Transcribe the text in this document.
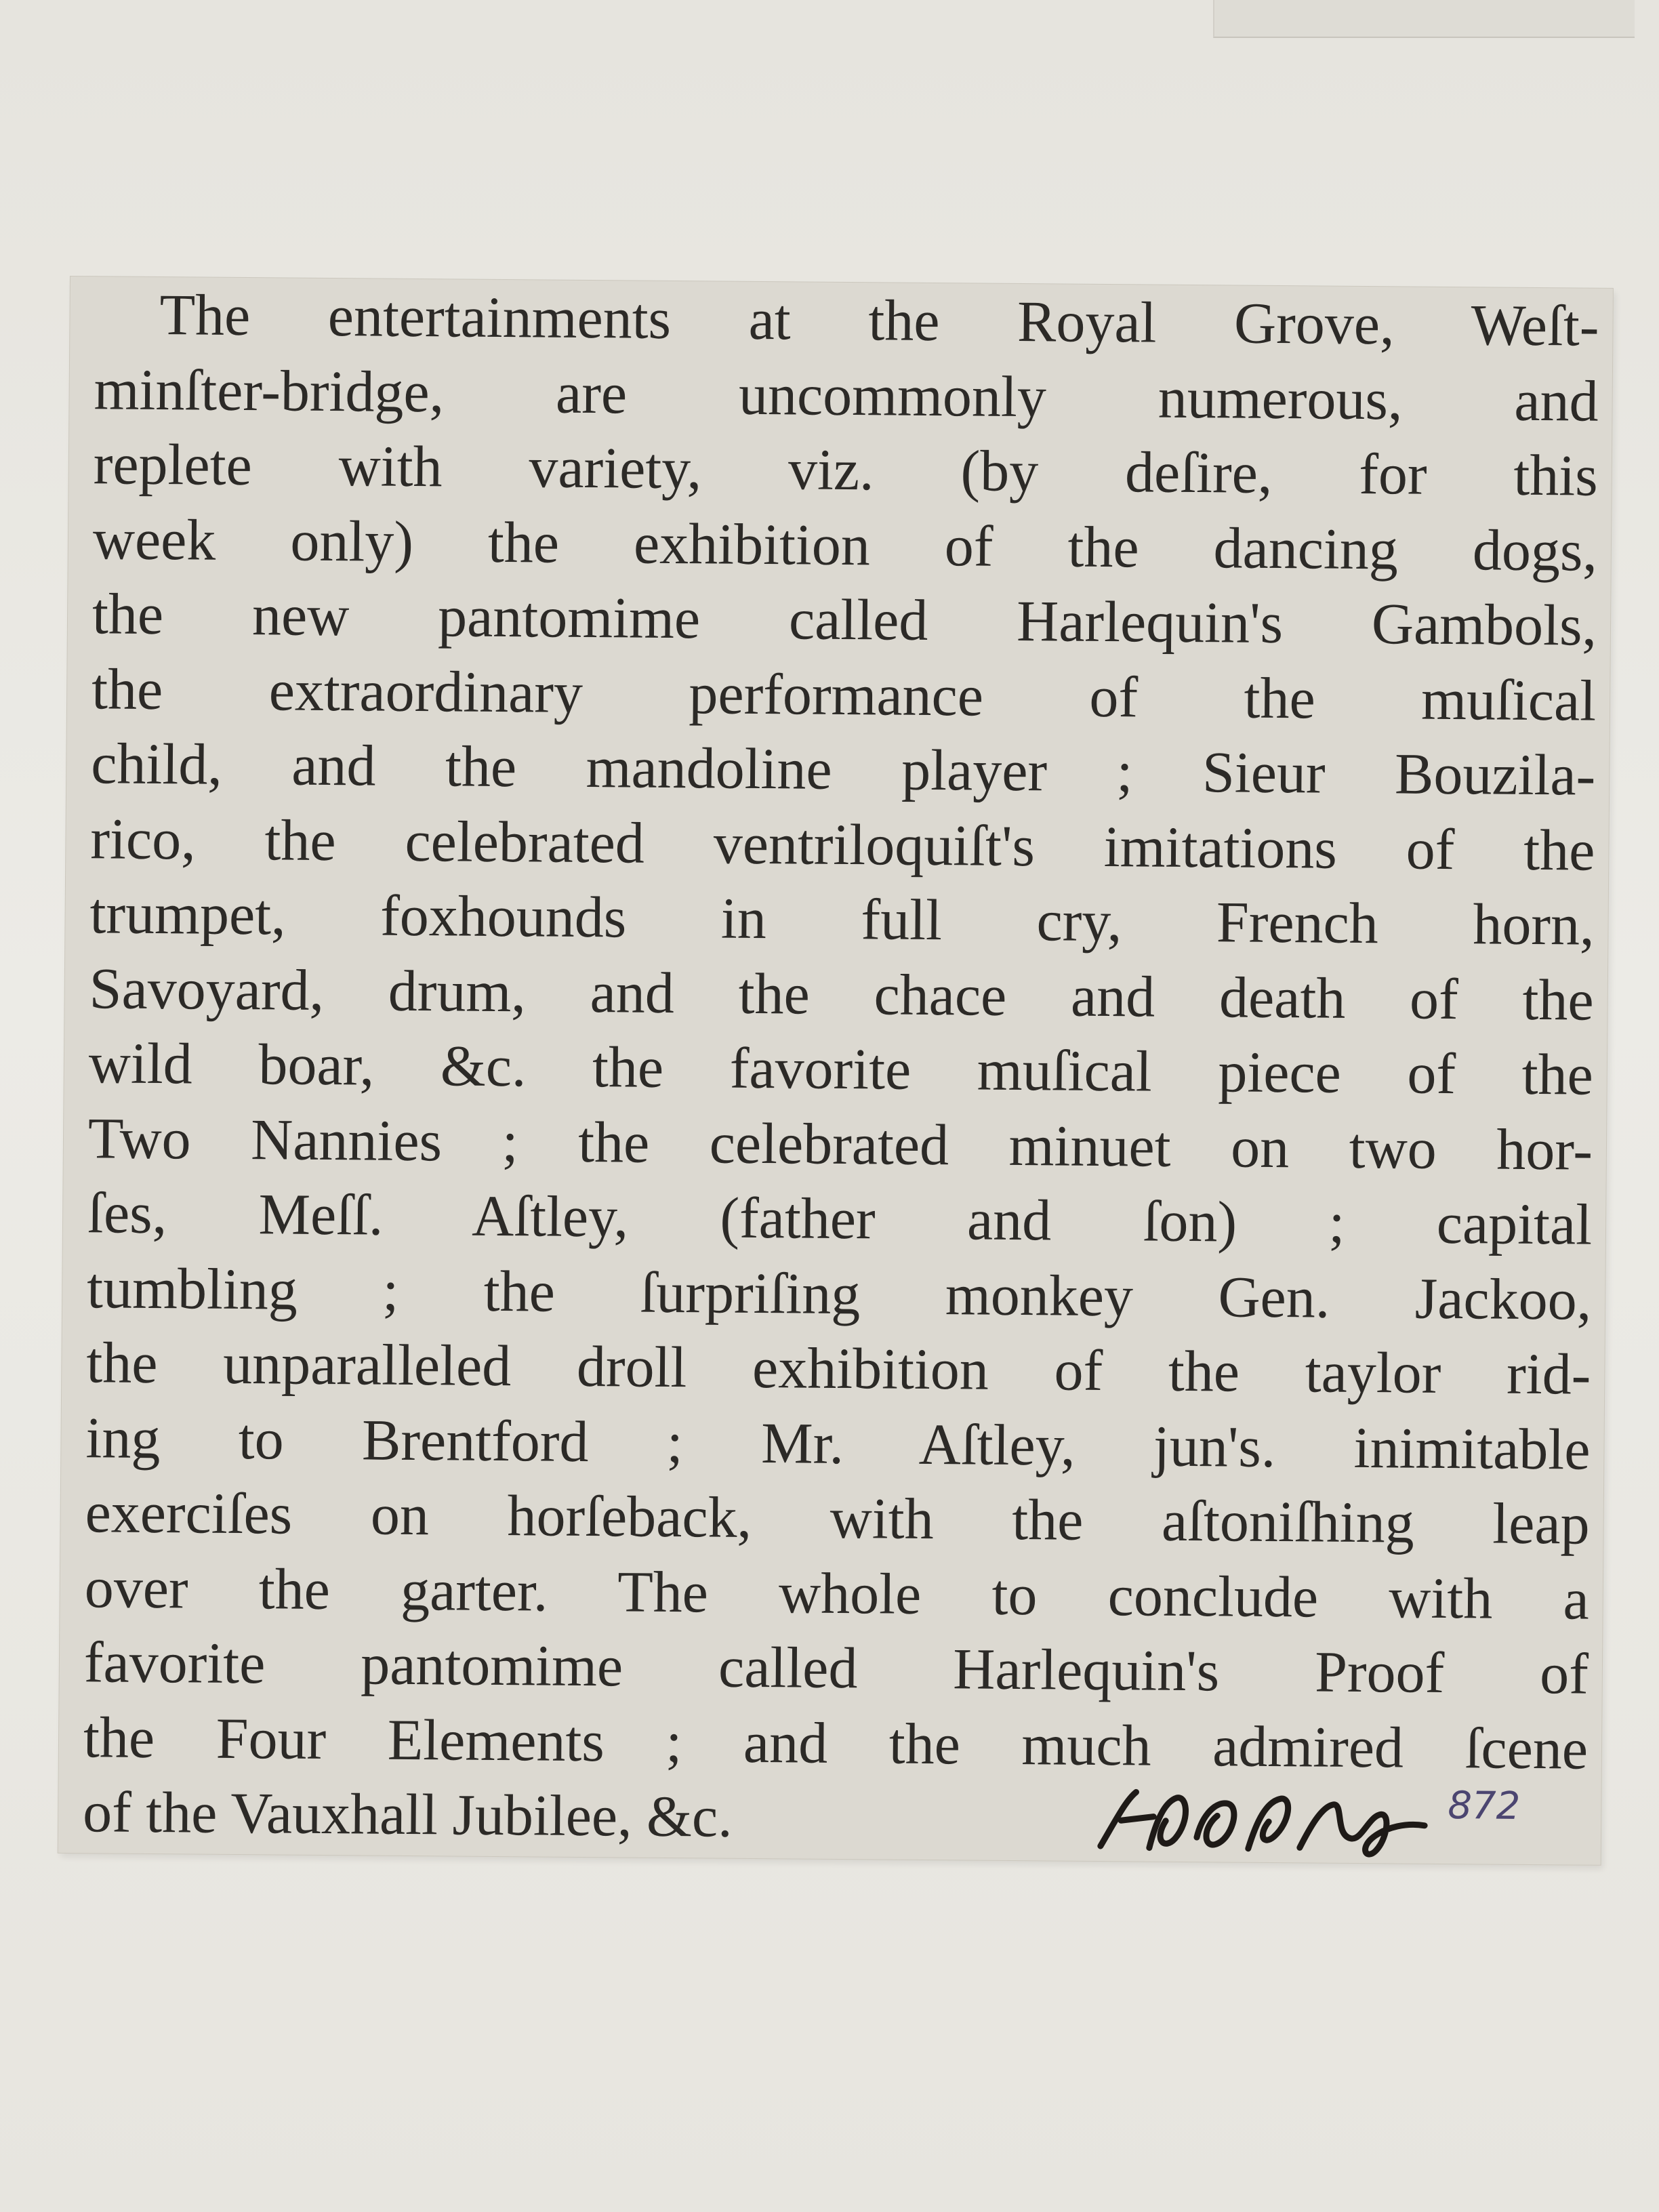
The entertainments at the Royal Grove, Weſt-
minſter-bridge, are uncommonly numerous, and
replete with variety, viz. (by deſire, for this
week only) the exhibition of the dancing dogs,
the new pantomime called Harlequin's Gambols,
the extraordinary performance of the muſical
child, and the mandoline player ; Sieur Bouzila-
rico, the celebrated ventriloquiſt's imitations of the
trumpet, foxhounds in full cry, French horn,
Savoyard, drum, and the chace and death of the
wild boar, &c. the favorite muſical piece of the
Two Nannies ; the celebrated minuet on two hor-
ſes, Meſſ. Aſtley, (father and ſon) ; capital
tumbling ; the ſurpriſing monkey Gen. Jackoo,
the unparalleled droll exhibition of the taylor rid-
ing to Brentford ; Mr. Aſtley, jun's. inimitable
exerciſes on horſeback, with the aſtoniſhing leap
over the garter. The whole to conclude with a
favorite pantomime called Harlequin's Proof of
the Four Elements ; and the much admired ſcene
of the Vauxhall Jubilee, &c.	872
